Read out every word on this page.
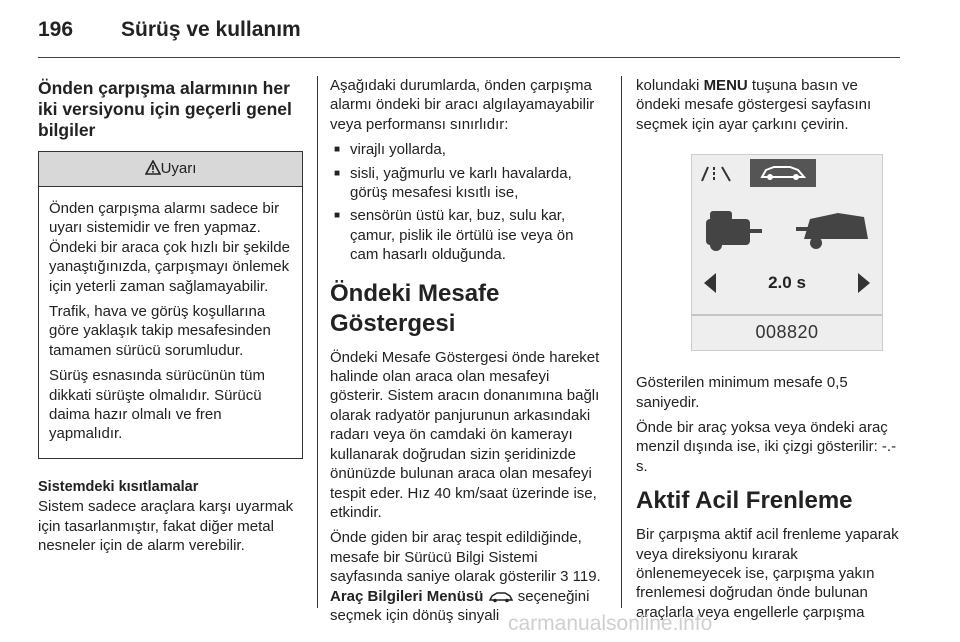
196 Sürüş ve kullanım
Önden çarpışma alarmının her iki versiyonu için geçerli genel bilgiler
Uyarı

Önden çarpışma alarmı sadece bir uyarı sistemidir ve fren yapmaz. Öndeki bir araca çok hızlı bir şekilde yanaştığınızda, çarpışmayı önlemek için yeterli zaman sağlamayabilir.

Trafik, hava ve görüş koşullarına göre yaklaşık takip mesafesinden tamamen sürücü sorumludur.

Sürüş esnasında sürücünün tüm dikkati sürüşte olmalıdır. Sürücü daima hazır olmalı ve fren yapmalıdır.

Sistemdeki kısıtlamalar

Sistem sadece araçlara karşı uyarmak için tasarlanmıştır, fakat diğer metal nesneler için de alarm verebilir.

Aşağıdaki durumlarda, önden çarpışma alarmı öndeki bir aracı algılayamayabilir veya performansı sınırlıdır:

■ virajlı yollarda,
■ sisli, yağmurlu ve karlı havalarda, görüş mesafesi kısıtlı ise,
■ sensörün üstü kar, buz, sulu kar, çamur, pislik ile örtülü ise veya ön cam hasarlı olduğunda.
Öndeki Mesafe Göstergesi

Öndeki Mesafe Göstergesi önde hareket halinde olan araca olan mesafeyi gösterir. Sistem aracın donanımına bağlı olarak radyatör panjurunun arkasındaki radarı veya ön camdaki ön kamerayı kullanarak doğrudan sizin şeridinizde önünüzde bulunan araca olan mesafeyi tespit eder. Hız 40 km/saat üzerinde ise, etkindir.

Önde giden bir araç tespit edildiğinde, mesafe bir Sürücü Bilgi Sistemi sayfasında saniye olarak gösterilir 3 119. Araç Bilgileri Menüsü seçeneğini seçmek için dönüş sinyali

kolundaki MENU tuşuna basın ve öndeki mesafe göstergesi sayfasını seçmek için ayar çarkını çevirin.

2.0 s
008820

Gösterilen minimum mesafe 0,5 saniyedir.

Önde bir araç yoksa veya öndeki araç menzil dışında ise, iki çizgi gösterilir: -.- s.

Aktif Acil Frenleme

Bir çarpışma aktif acil frenleme yaparak veya direksiyonu kırarak önlenemeyecek ise, çarpışma yakın frenlemesi doğrudan önde bulunan araçlarla veya engellerle çarpışma

carmanualsonline.info
